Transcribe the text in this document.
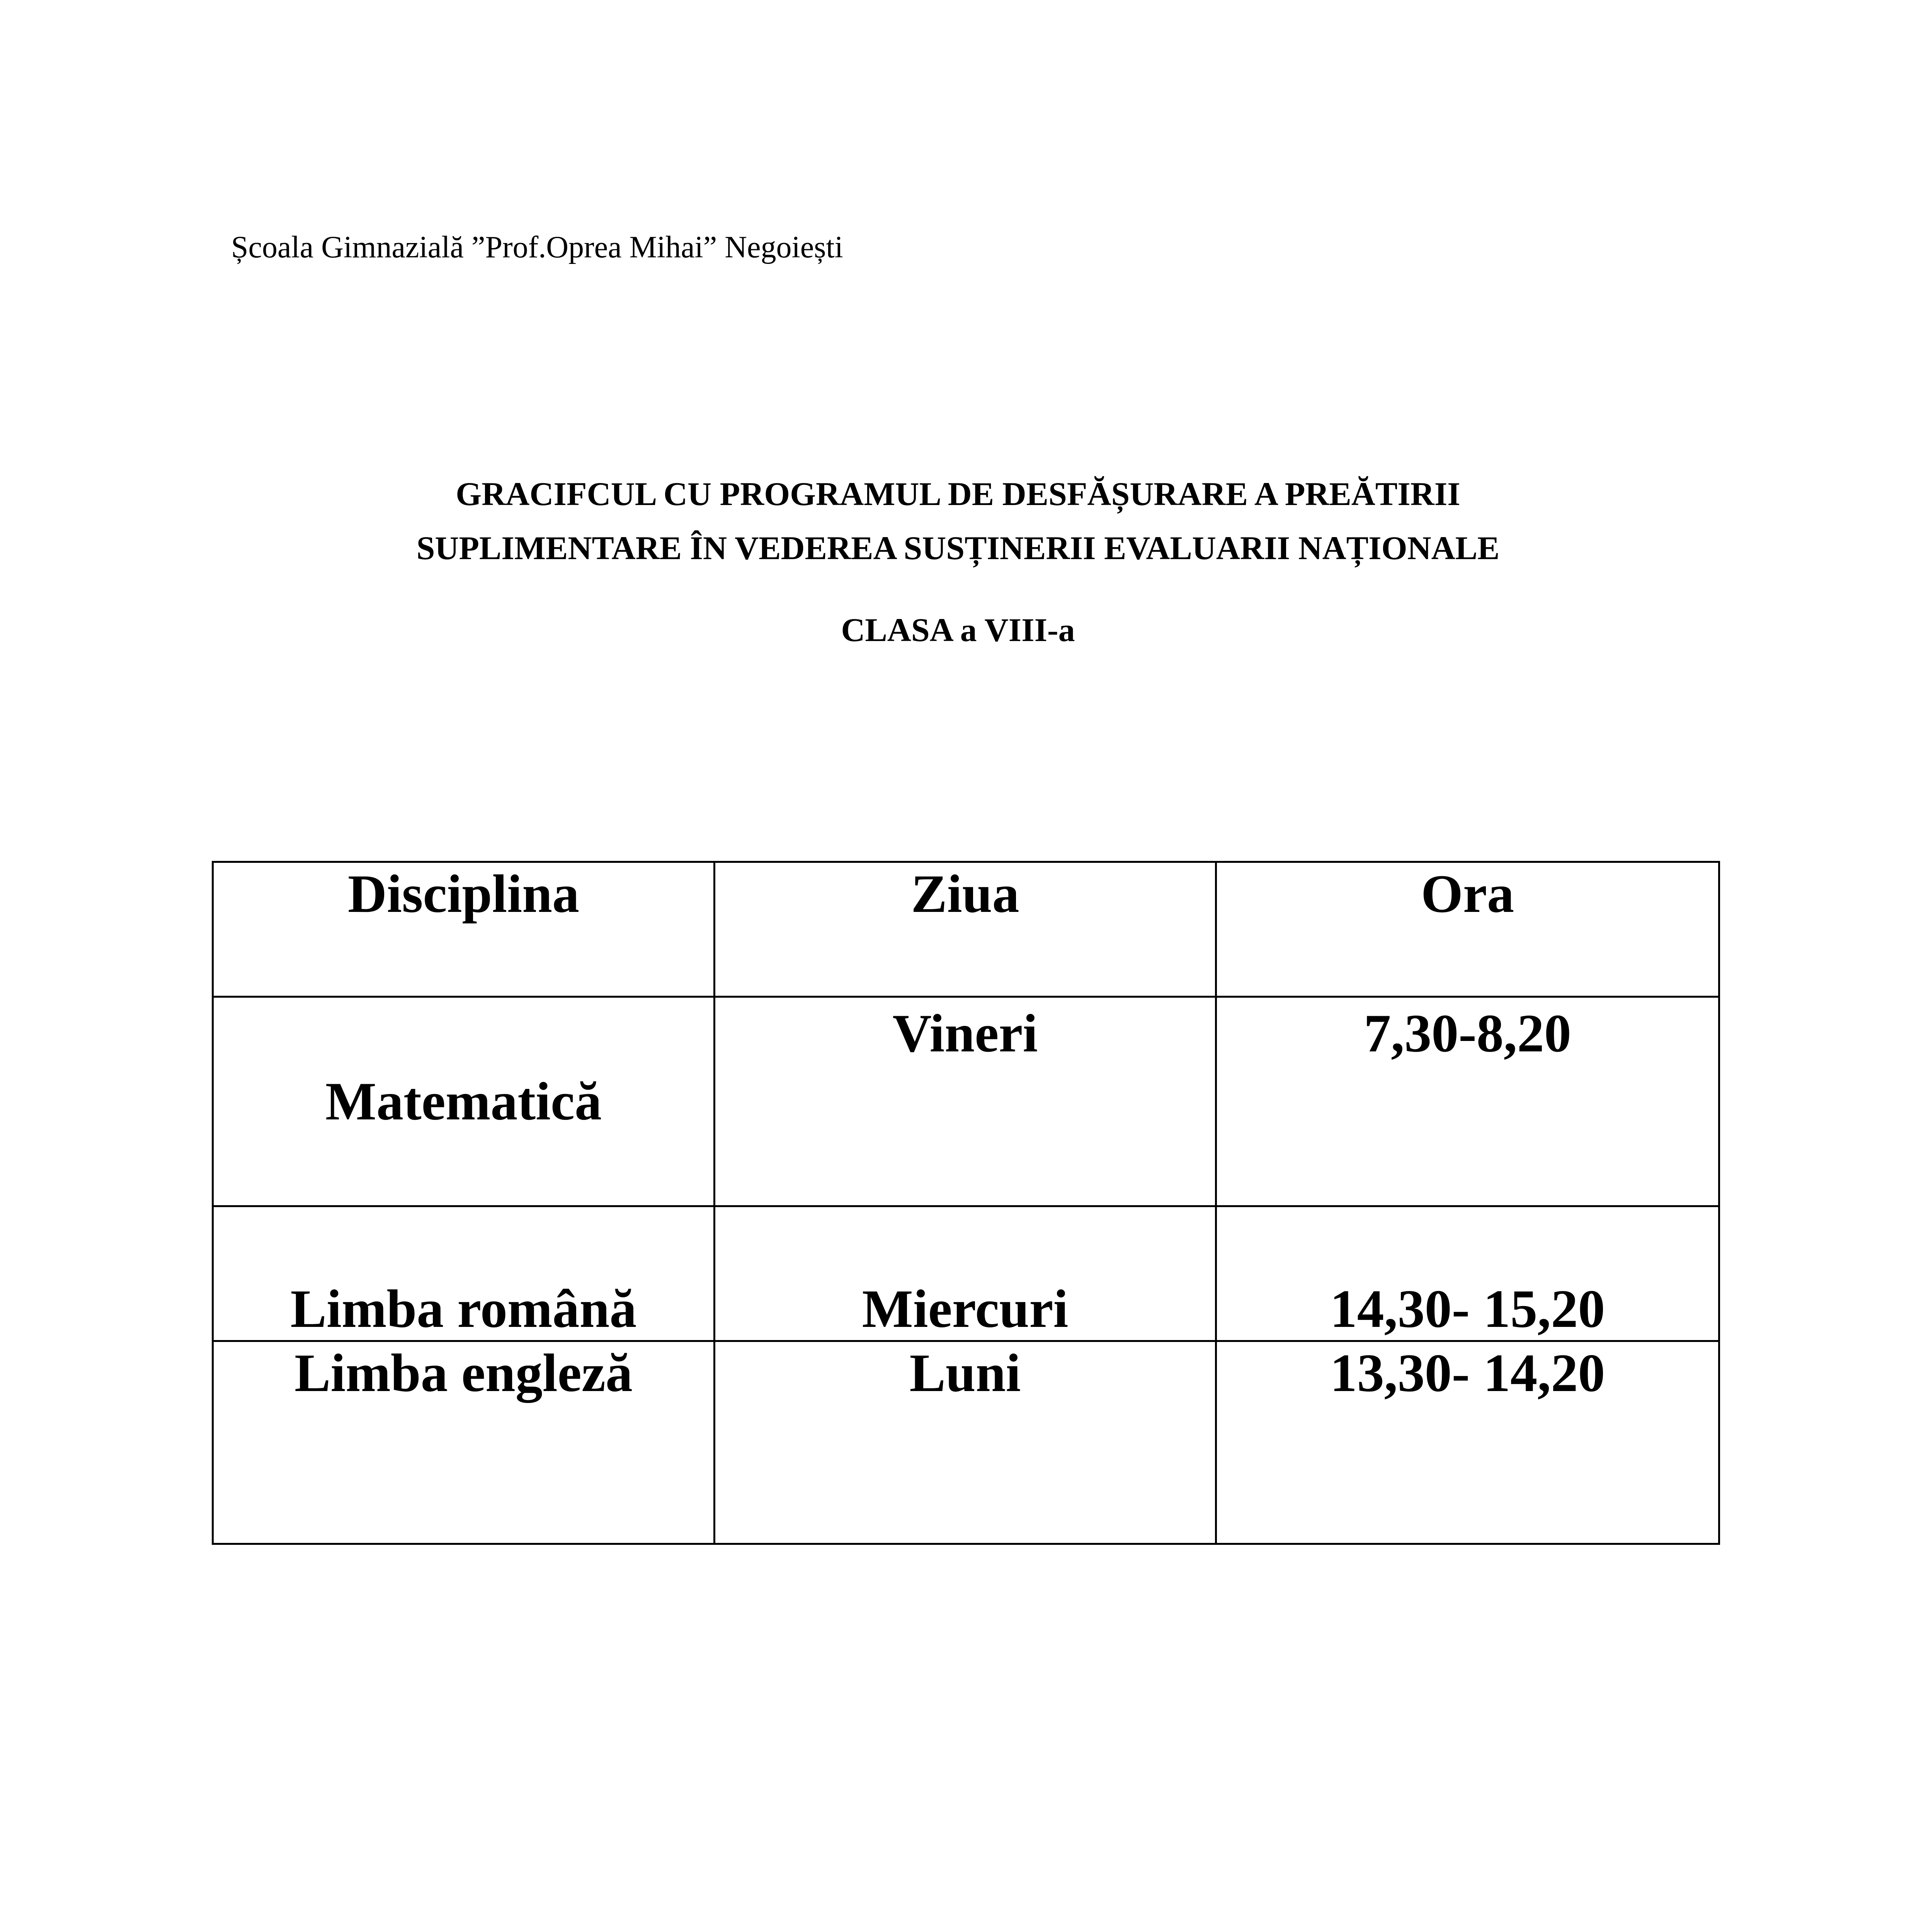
Școala Gimnazială ”Prof.Oprea Mihai” Negoiești
GRACIFCUL CU PROGRAMUL DE DESFĂȘURARE A PREĂTIRII
SUPLIMENTARE ÎN VEDEREA SUSȚINERII EVALUARII NAȚIONALE
CLASA a VIII-a
Disciplina	Ziua	Ora
Matematică	Vineri	7,30-8,20
Limba română	Miercuri	14,30- 15,20
Limba engleză	Luni	13,30- 14,20
